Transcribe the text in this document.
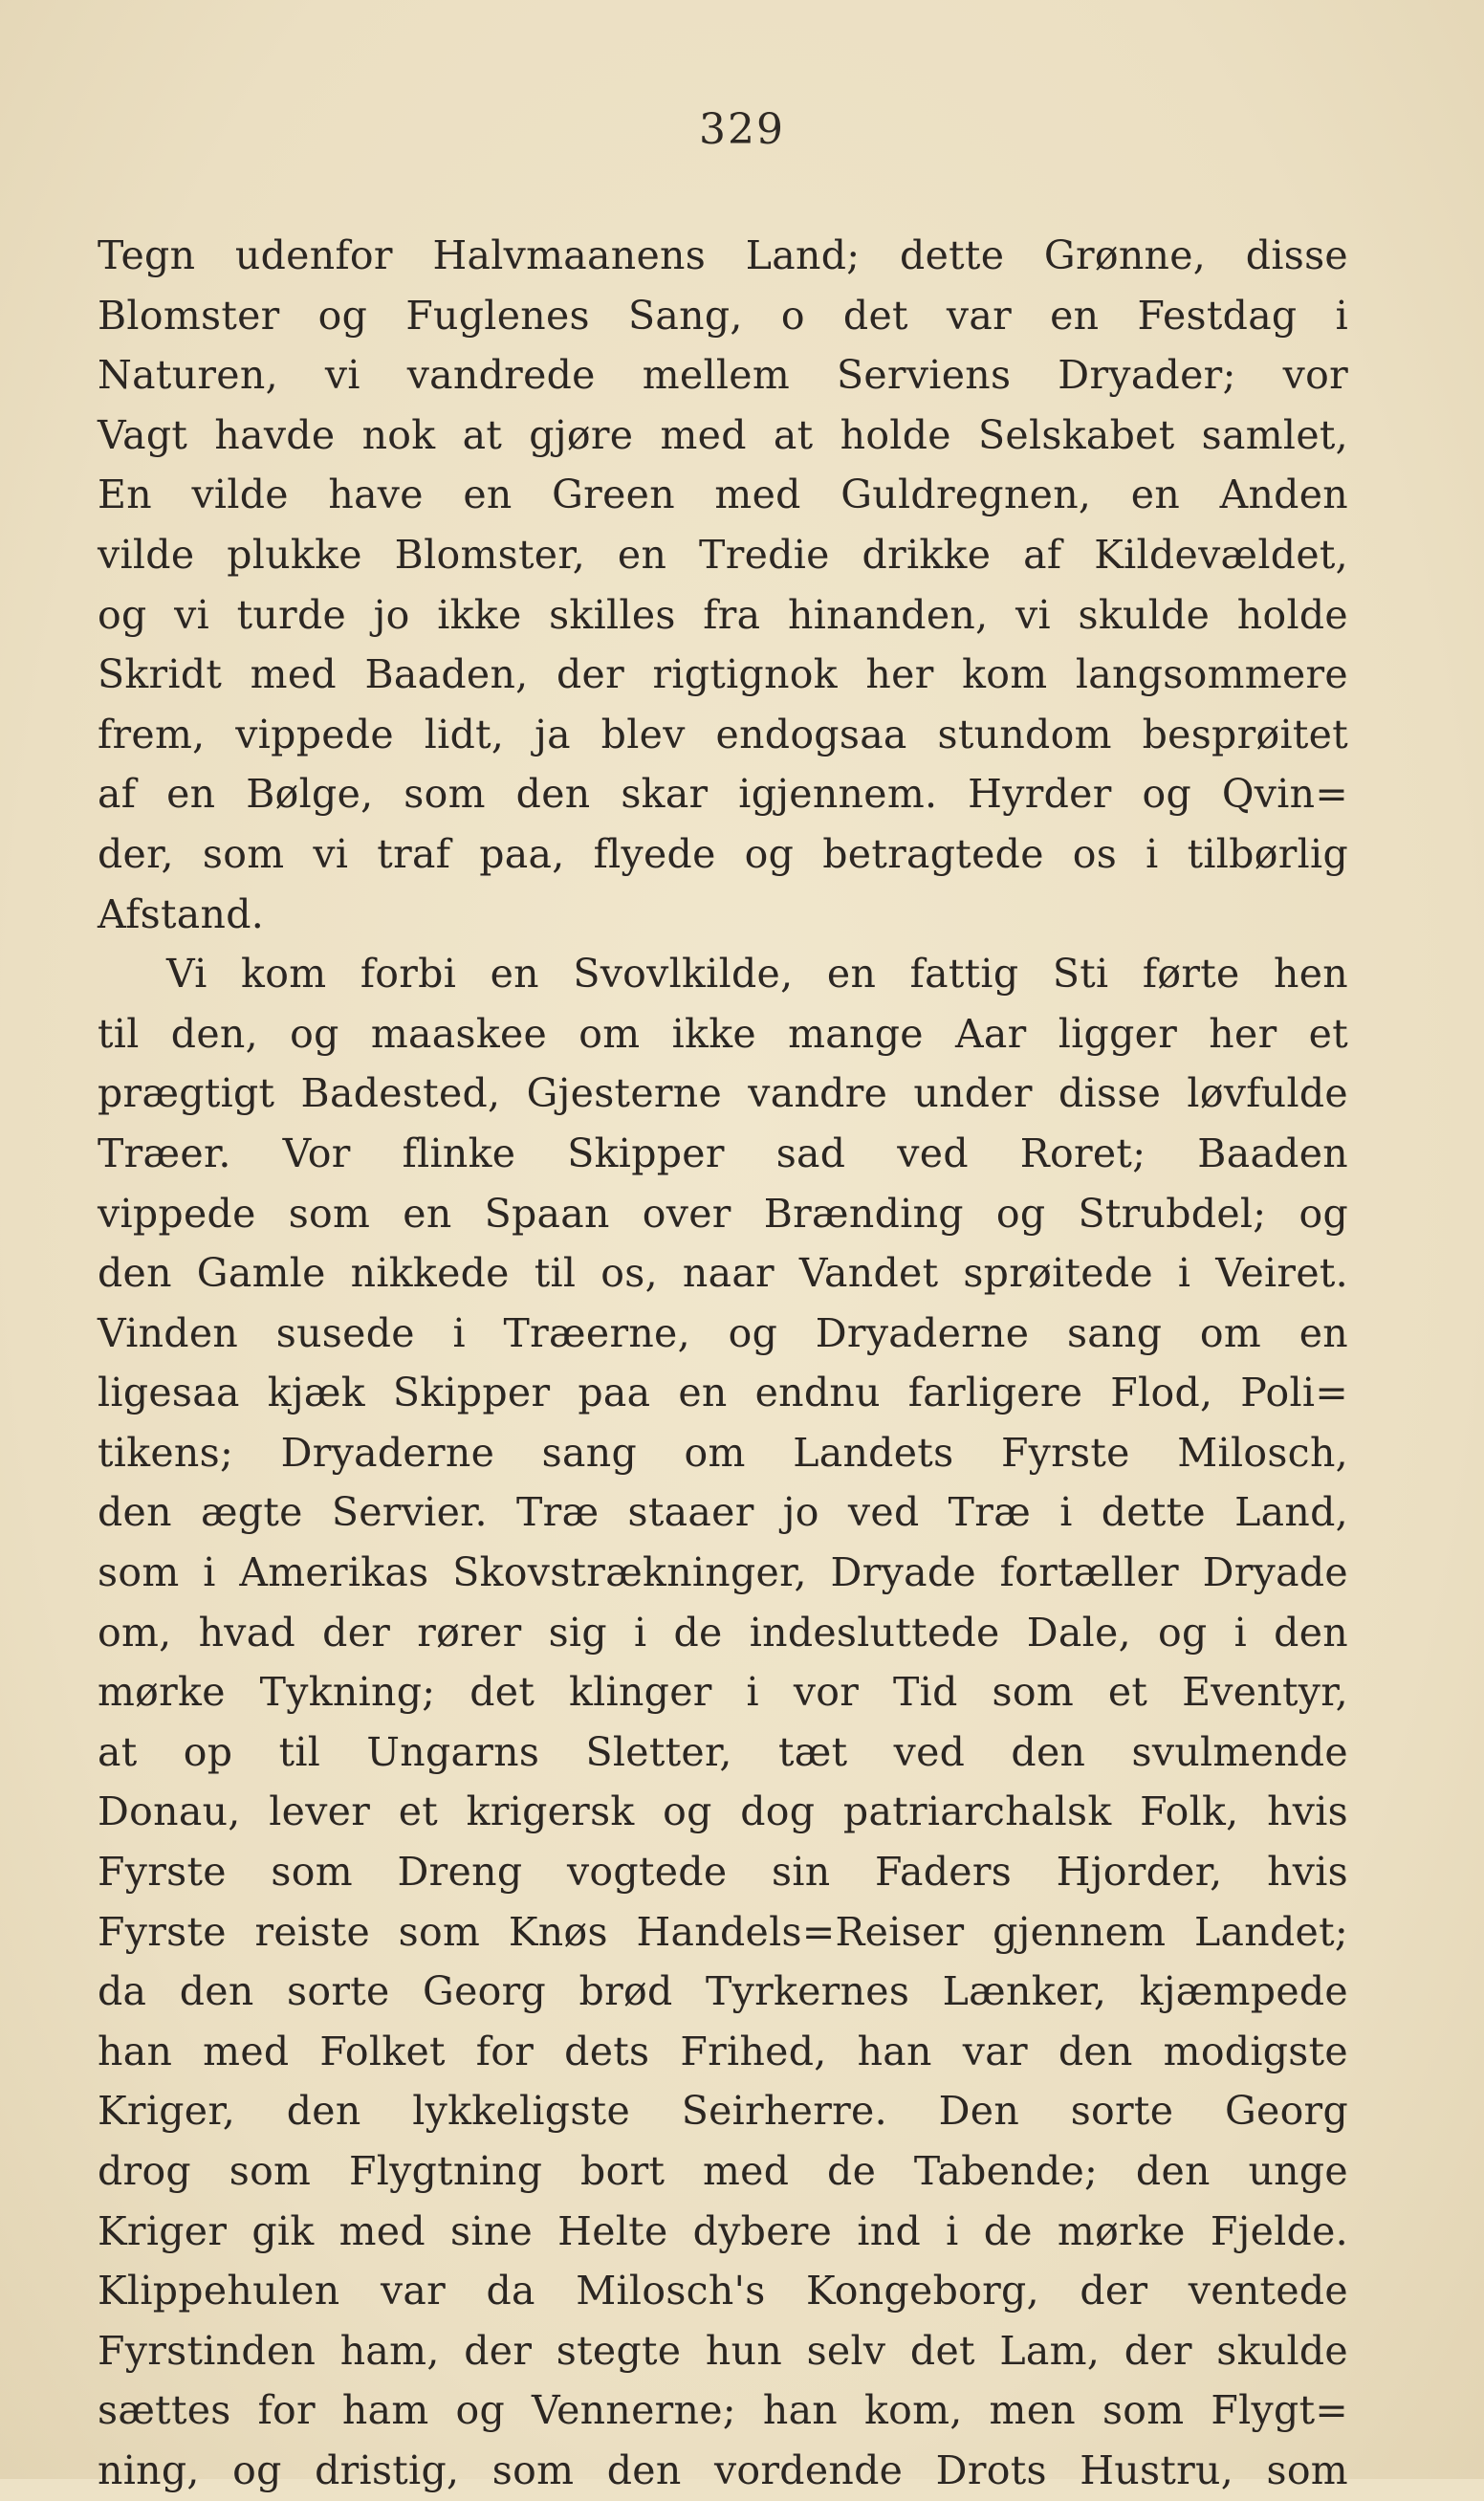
329
Tegn udenfor Halvmaanens Land; dette Grønne, disse
Blomster og Fuglenes Sang, o det var en Festdag i
Naturen, vi vandrede mellem Serviens Dryader; vor
Vagt havde nok at gjøre med at holde Selskabet samlet,
En vilde have en Green med Guldregnen, en Anden
vilde plukke Blomster, en Tredie drikke af Kildevældet,
og vi turde jo ikke skilles fra hinanden, vi skulde holde
Skridt med Baaden, der rigtignok her kom langsommere
frem, vippede lidt, ja blev endogsaa stundom besprøitet
af en Bølge, som den skar igjennem. Hyrder og Qvin=
der, som vi traf paa, flyede og betragtede os i tilbørlig
Afstand.
Vi kom forbi en Svovlkilde, en fattig Sti førte hen
til den, og maaskee om ikke mange Aar ligger her et
prægtigt Badested, Gjesterne vandre under disse løvfulde
Træer. Vor flinke Skipper sad ved Roret; Baaden
vippede som en Spaan over Brænding og Strubdel; og
den Gamle nikkede til os, naar Vandet sprøitede i Veiret.
Vinden susede i Træerne, og Dryaderne sang om en
ligesaa kjæk Skipper paa en endnu farligere Flod, Poli=
tikens; Dryaderne sang om Landets Fyrste Milosch,
den ægte Servier. Træ staaer jo ved Træ i dette Land,
som i Amerikas Skovstrækninger, Dryade fortæller Dryade
om, hvad der rører sig i de indesluttede Dale, og i den
mørke Tykning; det klinger i vor Tid som et Eventyr,
at op til Ungarns Sletter, tæt ved den svulmende
Donau, lever et krigersk og dog patriarchalsk Folk, hvis
Fyrste som Dreng vogtede sin Faders Hjorder, hvis
Fyrste reiste som Knøs Handels=Reiser gjennem Landet;
da den sorte Georg brød Tyrkernes Lænker, kjæmpede
han med Folket for dets Frihed, han var den modigste
Kriger, den lykkeligste Seirherre. Den sorte Georg
drog som Flygtning bort med de Tabende; den unge
Kriger gik med sine Helte dybere ind i de mørke Fjelde.
Klippehulen var da Milosch's Kongeborg, der ventede
Fyrstinden ham, der stegte hun selv det Lam, der skulde
sættes for ham og Vennerne; han kom, men som Flygt=
ning, og dristig, som den vordende Drots Hustru, som
